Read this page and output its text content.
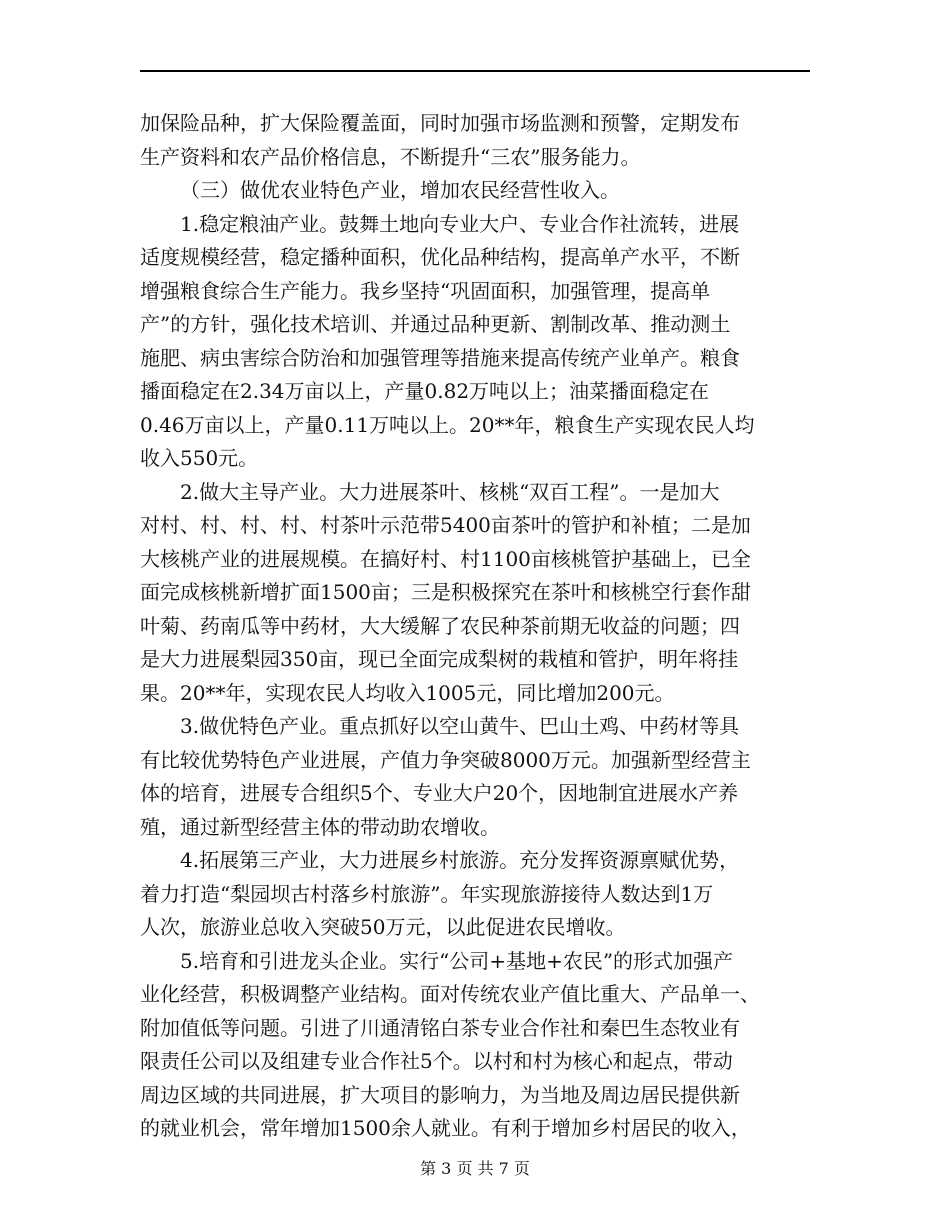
加保险品种，扩大保险覆盖面，同时加强市场监测和预警，定期发布
生产资料和农产品价格信息，不断提升“三农”服务能力。
（三）做优农业特色产业，增加农民经营性收入。
1.稳定粮油产业。鼓舞土地向专业大户、专业合作社流转，进展
适度规模经营，稳定播种面积，优化品种结构，提高单产水平，不断
增强粮食综合生产能力。我乡坚持“巩固面积，加强管理，提高单
产”的方针，强化技术培训、并通过品种更新、割制改革、推动测土
施肥、病虫害综合防治和加强管理等措施来提高传统产业单产。粮食
播面稳定在2.34万亩以上，产量0.82万吨以上；油菜播面稳定在
0.46万亩以上，产量0.11万吨以上。20**年，粮食生产实现农民人均
收入550元。
2.做大主导产业。大力进展茶叶、核桃“双百工程”。一是加大
对村、村、村、村、村茶叶示范带5400亩茶叶的管护和补植；二是加
大核桃产业的进展规模。在搞好村、村1100亩核桃管护基础上，已全
面完成核桃新增扩面1500亩；三是积极探究在茶叶和核桃空行套作甜
叶菊、药南瓜等中药材，大大缓解了农民种茶前期无收益的问题；四
是大力进展梨园350亩，现已全面完成梨树的栽植和管护，明年将挂
果。20**年，实现农民人均收入1005元，同比增加200元。
3.做优特色产业。重点抓好以空山黄牛、巴山土鸡、中药材等具
有比较优势特色产业进展，产值力争突破8000万元。加强新型经营主
体的培育，进展专合组织5个、专业大户20个，因地制宜进展水产养
殖，通过新型经营主体的带动助农增收。
4.拓展第三产业，大力进展乡村旅游。充分发挥资源禀赋优势，
着力打造“梨园坝古村落乡村旅游”。年实现旅游接待人数达到1万
人次，旅游业总收入突破50万元，以此促进农民增收。
5.培育和引进龙头企业。实行“公司+基地+农民”的形式加强产
业化经营，积极调整产业结构。面对传统农业产值比重大、产品单一、
附加值低等问题。引进了川通清铭白茶专业合作社和秦巴生态牧业有
限责任公司以及组建专业合作社5个。以村和村为核心和起点，带动
周边区域的共同进展，扩大项目的影响力，为当地及周边居民提供新
的就业机会，常年增加1500余人就业。有利于增加乡村居民的收入，
第 3 页 共 7 页
